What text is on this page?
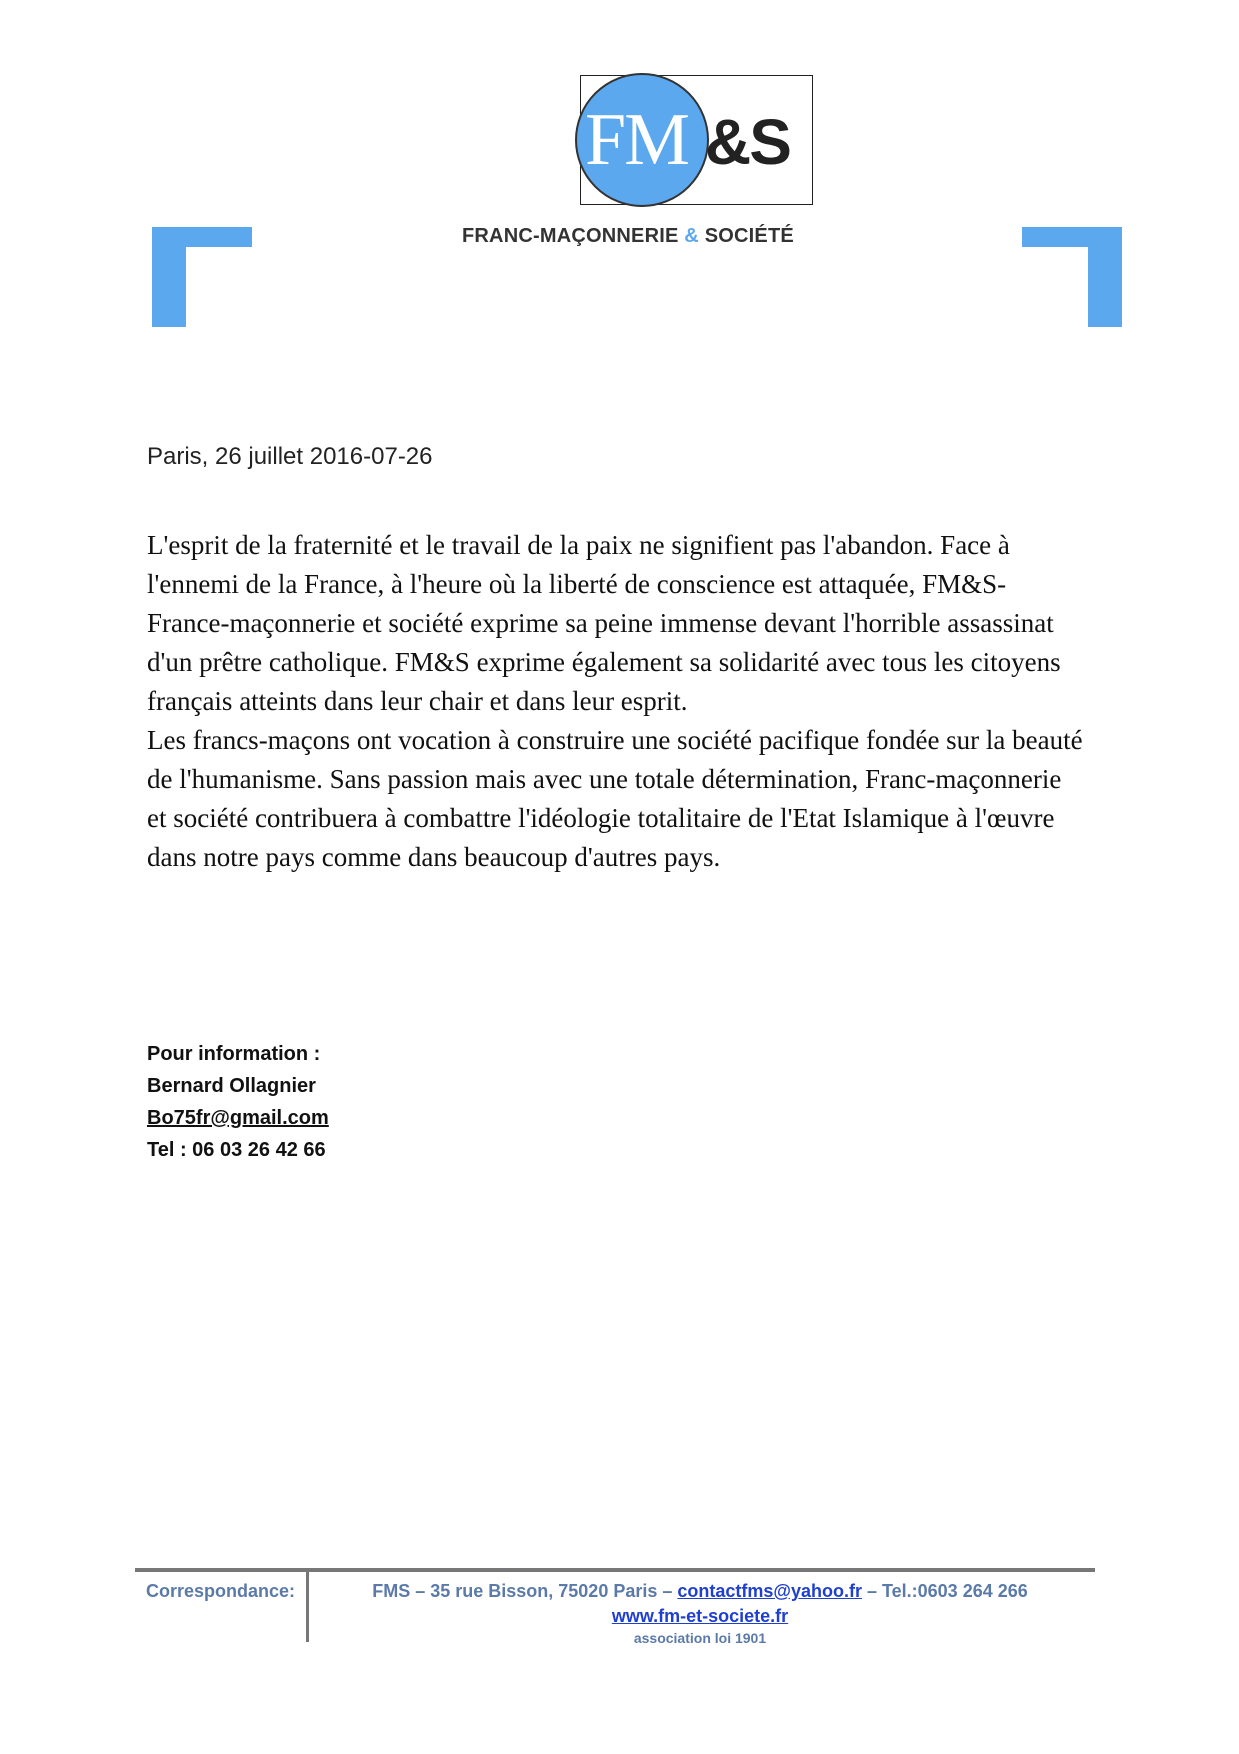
FM &S
FRANC-MAÇONNERIE & SOCIÉTÉ
Paris, 26 juillet 2016-07-26

L'esprit de la fraternité et le travail de la paix ne signifient pas l'abandon. Face à l'ennemi de la France, à l'heure où la liberté de conscience est attaquée, FM&S-France-maçonnerie et société exprime sa peine immense devant l'horrible assassinat d'un prêtre catholique. FM&S exprime également sa solidarité avec tous les citoyens français atteints dans leur chair et dans leur esprit.

Les francs-maçons ont vocation à construire une société pacifique fondée sur la beauté de l'humanisme. Sans passion mais avec une totale détermination, Franc-maçonnerie et société contribuera à combattre l'idéologie totalitaire de l'Etat Islamique à l'œuvre dans notre pays comme dans beaucoup d'autres pays.

Pour information :
Bernard Ollagnier
Bo75fr@gmail.com
Tel : 06 03 26 42 66
Correspondance:	FMS – 35 rue Bisson, 75020 Paris – contactfms@yahoo.fr – Tel.:0603 264 266
www.fm-et-societe.fr
association loi 1901
